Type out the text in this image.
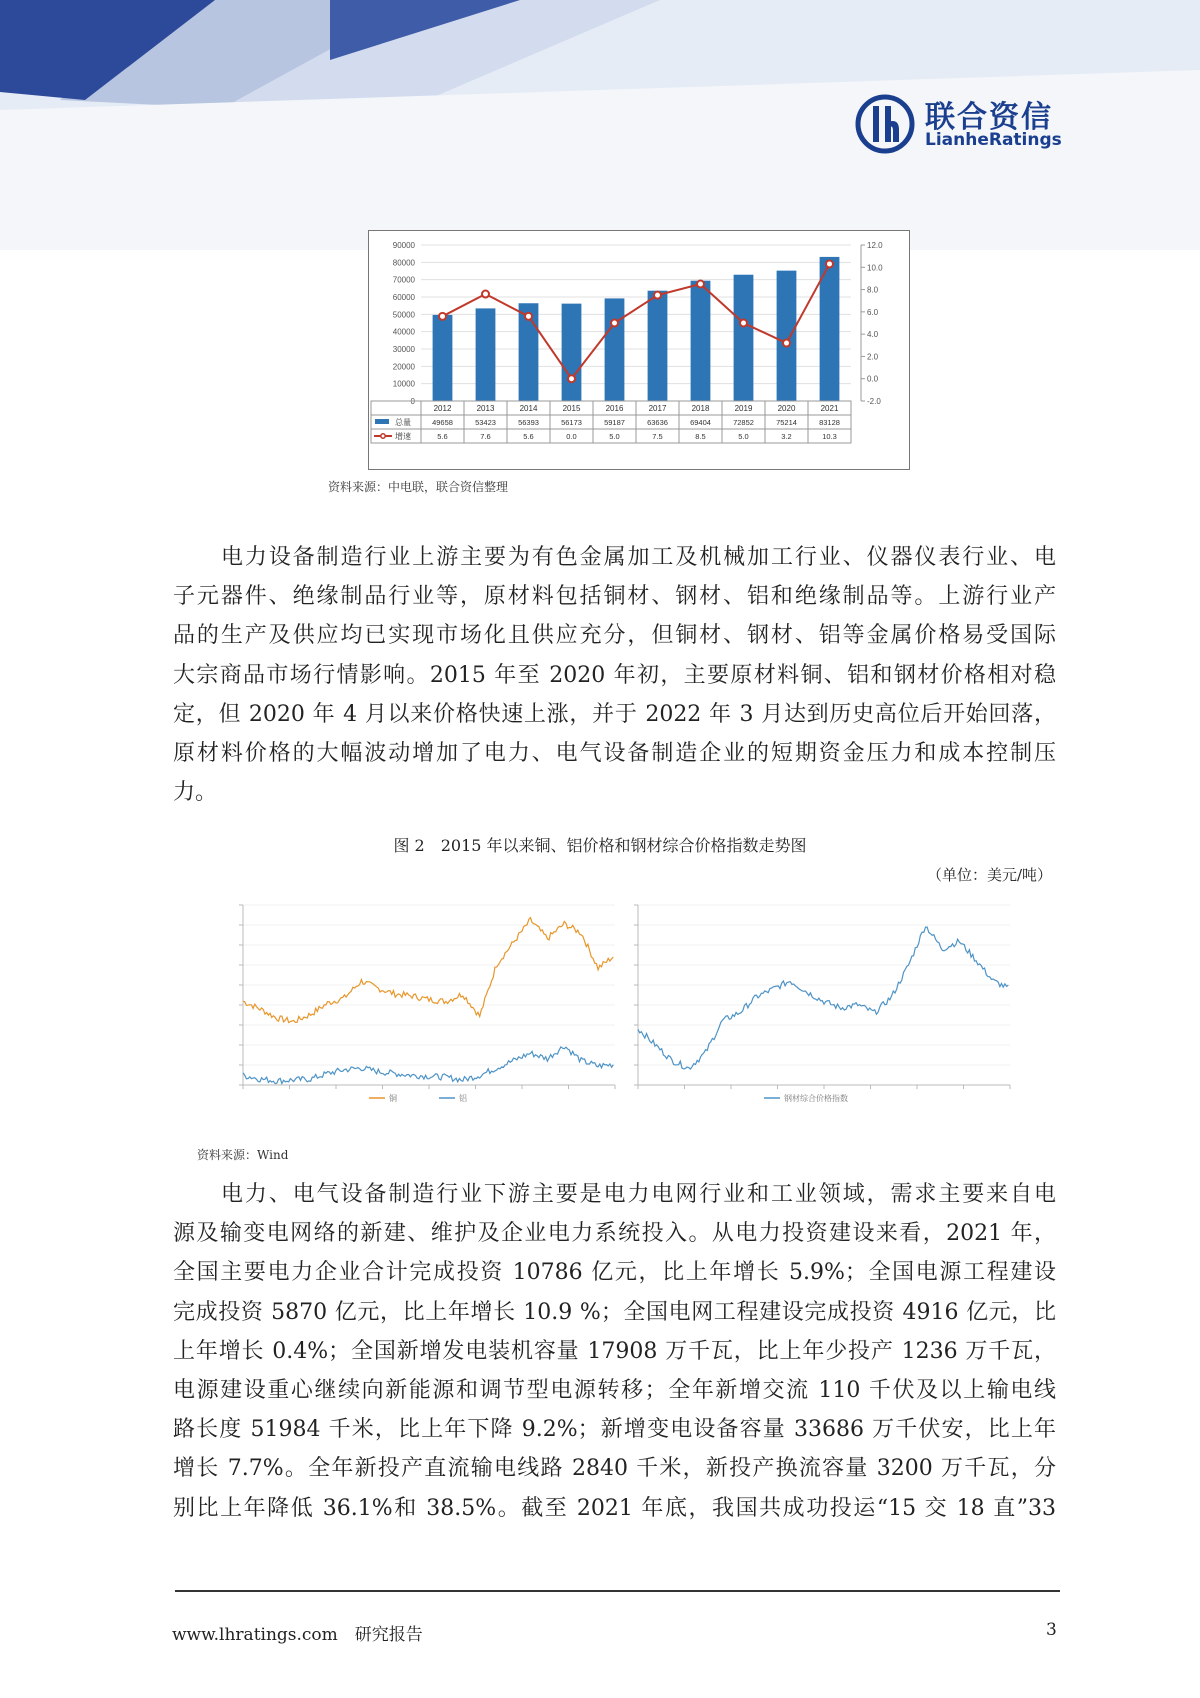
联合资信
LianheRatings
0
10000
20000
30000
40000
50000
60000
70000
80000
90000
-2.0
0.0
2.0
4.0
6.0
8.0
10.0
12.0
2012	2013	2014	2015	2016	2017	2018	2019	2020	2021
总量	49658	53423	56393	56173	59187	63636	69404	72852	75214	83128
增速	5.6	7.6	5.6	0.0	5.0	7.5	8.5	5.0	3.2	10.3
资料来源：中电联，联合资信整理
电力设备制造行业上游主要为有色金属加工及机械加工行业、仪器仪表行业、电
子元器件、绝缘制品行业等，原材料包括铜材、钢材、铝和绝缘制品等。上游行业产
品的生产及供应均已实现市场化且供应充分，但铜材、钢材、铝等金属价格易受国际
大宗商品市场行情影响。2015 年至 2020 年初，主要原材料铜、铝和钢材价格相对稳
定，但 2020 年 4 月以来价格快速上涨，并于 2022 年 3 月达到历史高位后开始回落，
原材料价格的大幅波动增加了电力、电气设备制造企业的短期资金压力和成本控制压
力。
图 2　2015 年以来铜、铝价格和钢材综合价格指数走势图
（单位：美元/吨）
铜	铝	钢材综合价格指数
资料来源：Wind
电力、电气设备制造行业下游主要是电力电网行业和工业领域，需求主要来自电
源及输变电网络的新建、维护及企业电力系统投入。从电力投资建设来看，2021 年，
全国主要电力企业合计完成投资 10786 亿元，比上年增长 5.9%；全国电源工程建设
完成投资 5870 亿元，比上年增长 10.9 %；全国电网工程建设完成投资 4916 亿元，比
上年增长 0.4%；全国新增发电装机容量 17908 万千瓦，比上年少投产 1236 万千瓦，
电源建设重心继续向新能源和调节型电源转移；全年新增交流 110 千伏及以上输电线
路长度 51984 千米，比上年下降 9.2%；新增变电设备容量 33686 万千伏安，比上年
增长 7.7%。全年新投产直流输电线路 2840 千米，新投产换流容量 3200 万千瓦，分
别比上年降低 36.1%和 38.5%。截至 2021 年底，我国共成功投运“15 交 18 直”33
www.lhratings.com　研究报告	3
